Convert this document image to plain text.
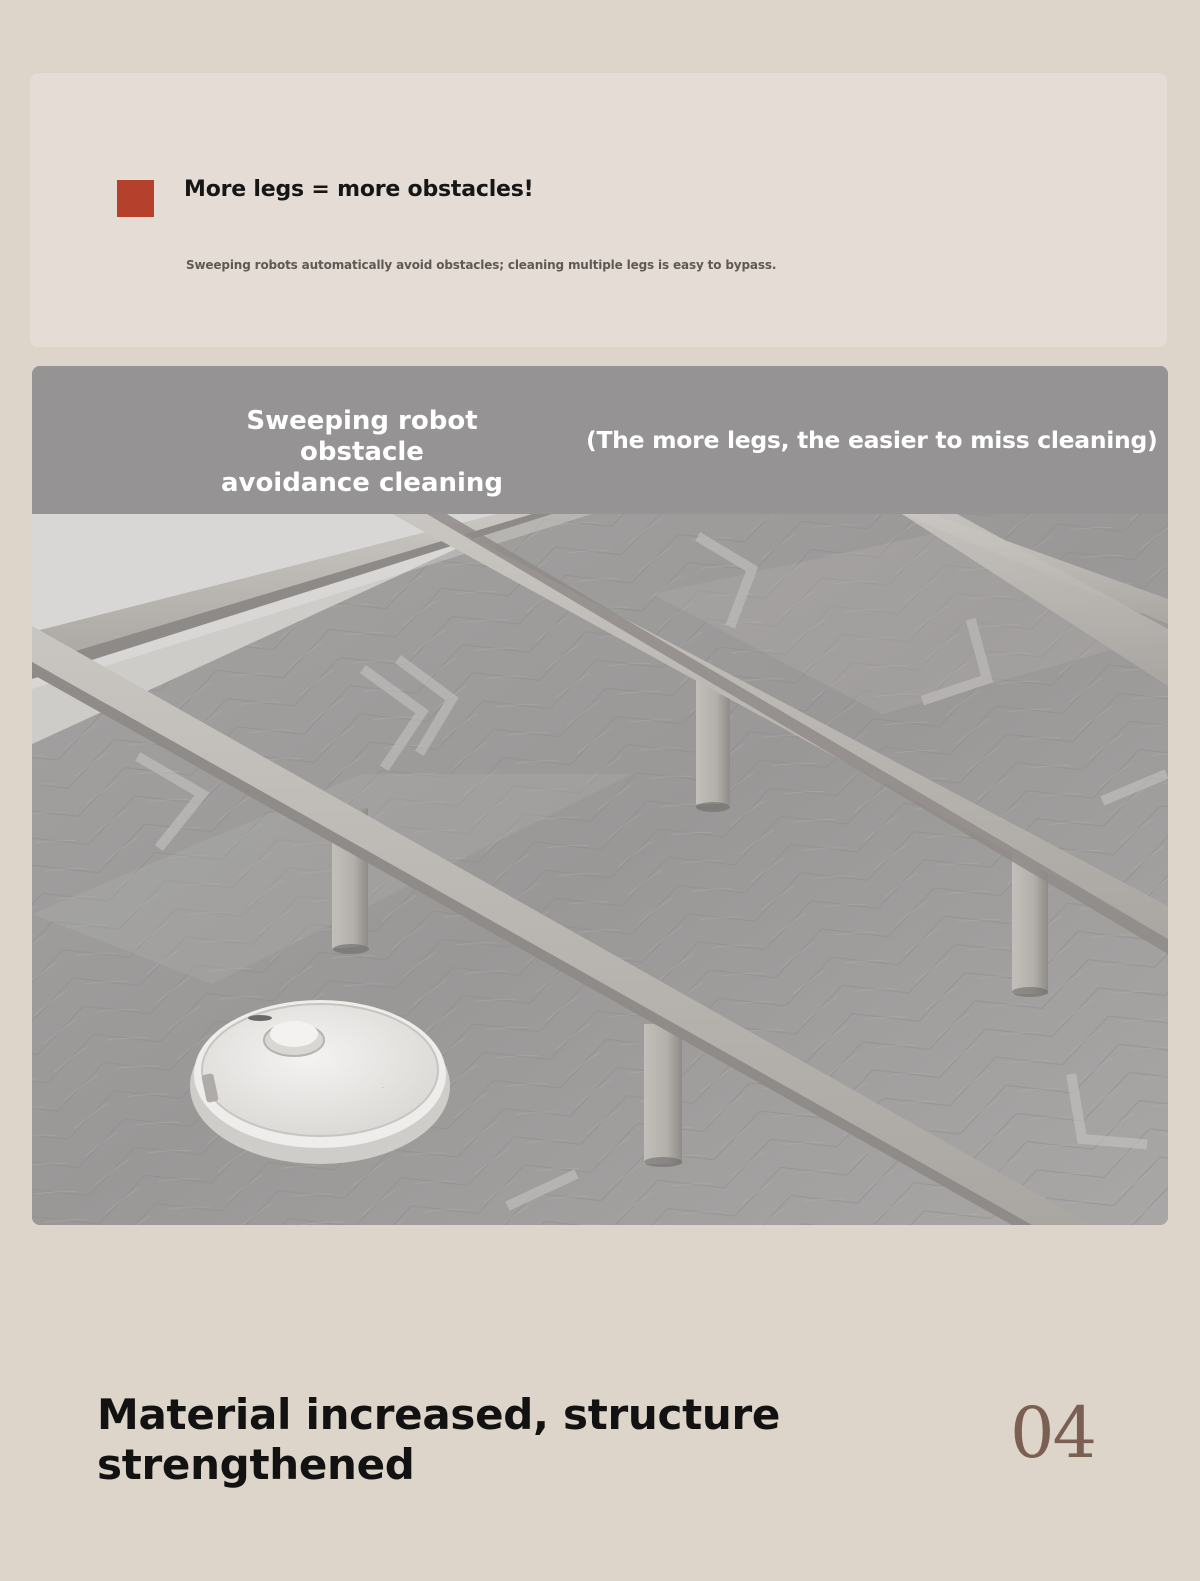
More legs = more obstacles!
Sweeping robots automatically avoid obstacles; cleaning multiple legs is easy to bypass.
Sweeping robot obstacle
avoidance cleaning
(The more legs, the easier to miss cleaning)
·
Material increased, structure
strengthened	04
